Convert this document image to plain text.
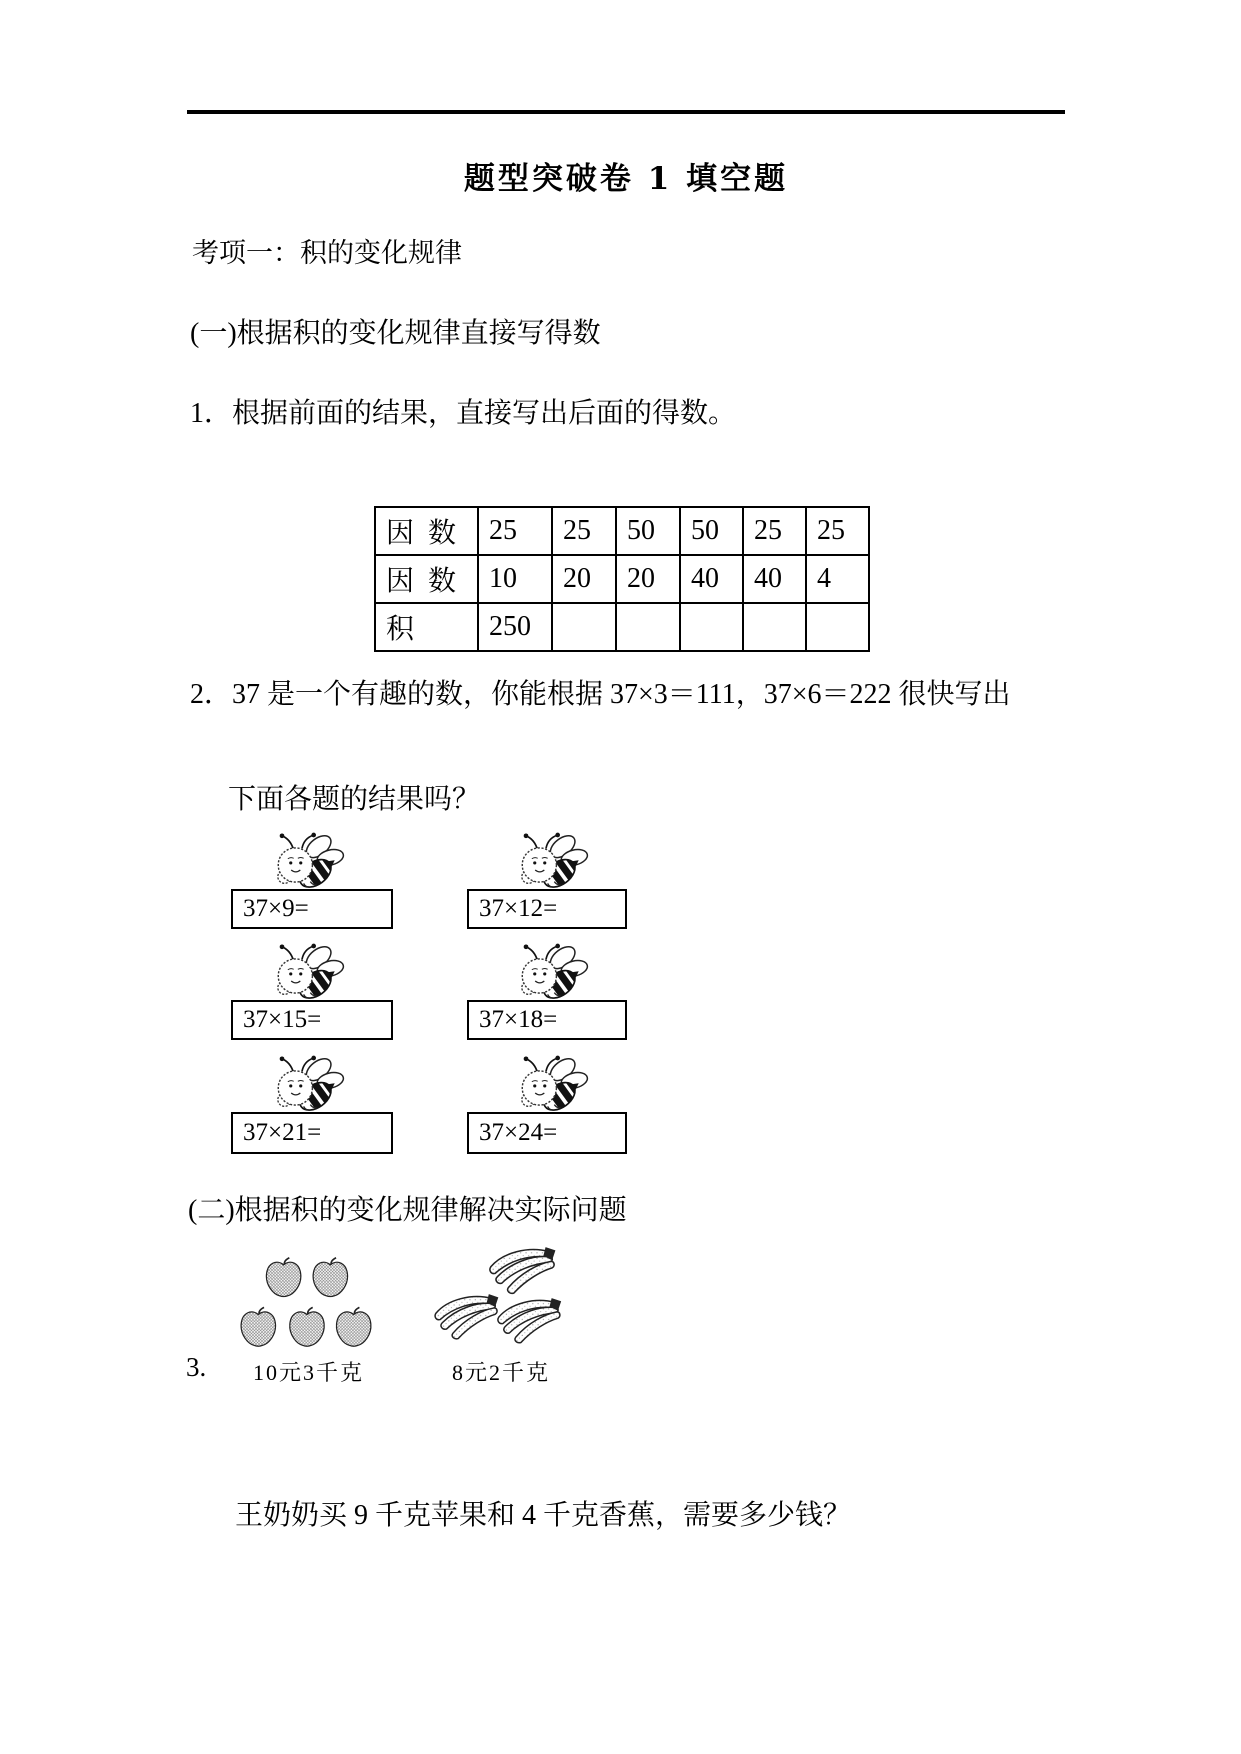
题型突破卷 1 填空题
考项一：积的变化规律
(一)根据积的变化规律直接写得数
1．根据前面的结果，直接写出后面的得数。
因数	25	25	50	50	25	25
因数	10	20	20	40	40	4
积	250					
2．37 是一个有趣的数，你能根据 37×3＝111，37×6＝222 很快写出
下面各题的结果吗？
37×9=	37×12=
37×15=	37×18=
37×21=	37×24=
(二)根据积的变化规律解决实际问题
3. 10元3千克	8元2千克
王奶奶买 9 千克苹果和 4 千克香蕉，需要多少钱？
